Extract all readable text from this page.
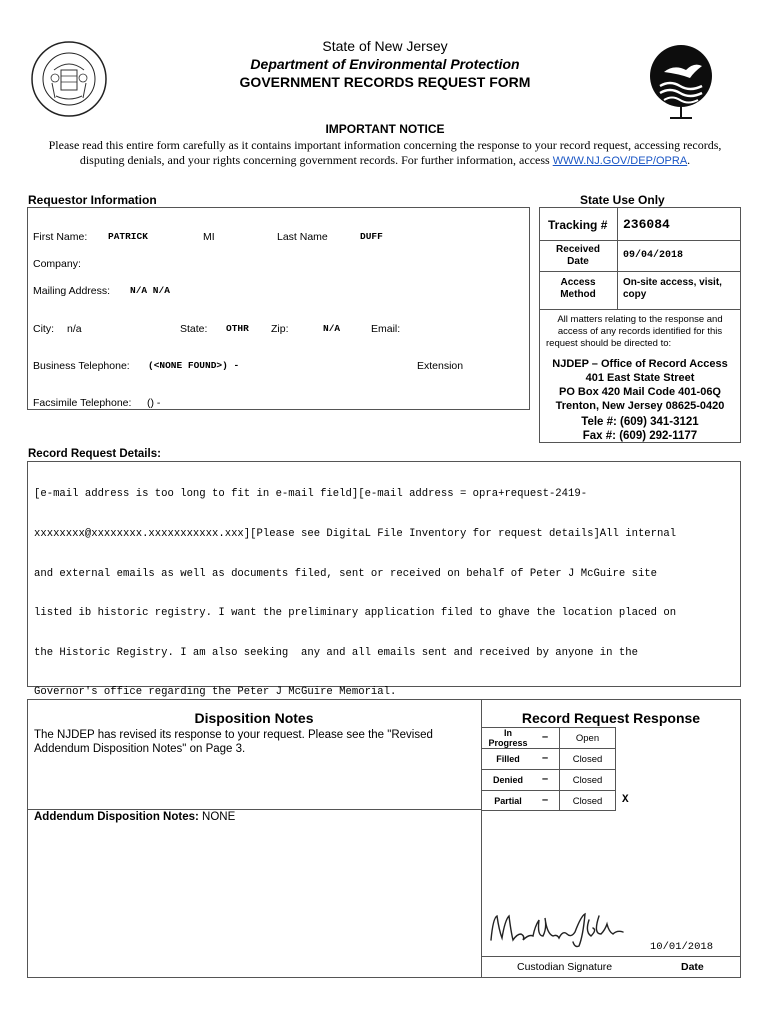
State of New Jersey
Department of Environmental Protection
GOVERNMENT RECORDS REQUEST FORM
IMPORTANT NOTICE
Please read this entire form carefully as it contains important information concerning the response to your record request, accessing records,
disputing denials, and your rights concerning government records. For further information, access WWW.NJ.GOV/DEP/OPRA.
Requestor Information	State Use Only
First Name: PATRICK	MI	Last Name	DUFF
Company:
Mailing Address: N/A N/A
City: n/a	State: OTHR Zip:	N/A	Email:
Business Telephone: (<NONE FOUND>) -	Extension
Facsimile Telephone: () -
Tracking # 236084
Received
Date
09/04/2018
Access
Method
On-site access, visit,
copy
All matters relating to the response and
access of any records identified for this
request should be directed to:
NJDEP – Office of Record Access
401 East State Street
PO Box 420 Mail Code 401-06Q
Trenton, New Jersey 08625-0420
Tele #: (609) 341-3121
Fax #: (609) 292-1177
Record Request Details:

[e-mail address is too long to fit in e-mail field][e-mail address = opra+request-2419-

xxxxxxxx@xxxxxxxx.xxxxxxxxxxx.xxx][Please see DigitaL File Inventory for request details]All internal

and external emails as well as documents filed, sent or received on behalf of Peter J McGuire site

listed ib historic registry. I want the preliminary application filed to ghave the location placed on

the Historic Registry. I am also seeking  any and all emails sent and received by anyone in the

Governor's office regarding the Peter J McGuire Memorial.

Disposition Notes
The NJDEP has revised its response to your request. Please see the "Revised
Addendum Disposition Notes" on Page 3.
Addendum Disposition Notes: NONE
Record Request Response
In
Progress	–	Open
Filled	–	Closed
Denied	–	Closed
Partial	–	Closed	X
10/01/2018
Custodian Signature	Date
